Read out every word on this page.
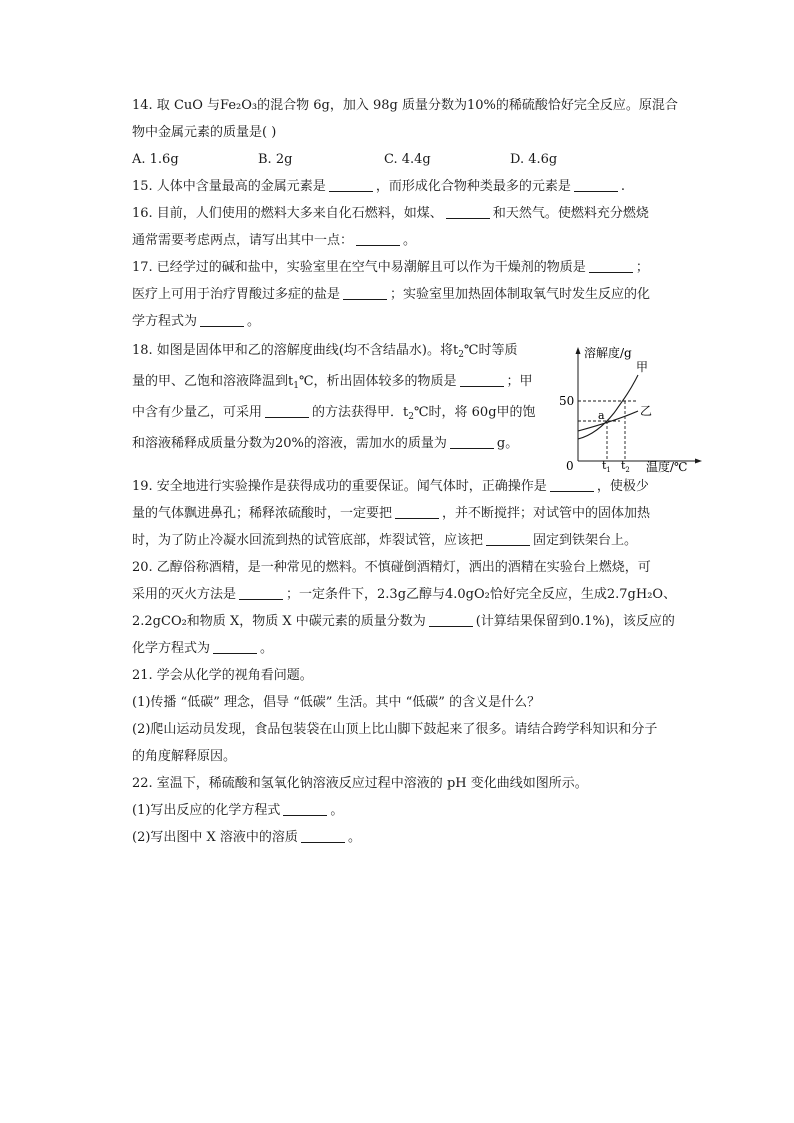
14. 取 CuO 与Fe₂O₃的混合物 6g，加入 98g 质量分数为10%的稀硫酸恰好完全反应。原混合
物中金属元素的质量是( )
A. 1.6g	B. 2g	C. 4.4g	D. 4.6g
15. 人体中含量最高的金属元素是	，而形成化合物种类最多的元素是	.
16. 目前，人们使用的燃料大多来自化石燃料，如煤、	和天然气。使燃料充分燃烧
通常需要考虑两点，请写出其中一点：	。
17. 已经学过的碱和盐中，实验室里在空气中易潮解且可以作为干燥剂的物质是	；
医疗上可用于治疗胃酸过多症的盐是	；实验室里加热固体制取氧气时发生反应的化
学方程式为	。
18. 如图是固体甲和乙的溶解度曲线(均不含结晶水)。将$t_2℃$时等质
量的甲、乙饱和溶液降温到$t_1℃$，析出固体较多的物质是	；甲
中含有少量乙，可采用	的方法获得甲．$t_2℃$时，将 60g甲的饱
和溶液稀释成质量分数为20%的溶液，需加水的质量为	g。
溶解度/g
温度/℃
0
50
甲
乙
a
$t_1$ $t_2$
19. 安全地进行实验操作是获得成功的重要保证。闻气体时，正确操作是	，使极少
量的气体飘进鼻孔；稀释浓硫酸时，一定要把	，并不断搅拌；对试管中的固体加热
时，为了防止冷凝水回流到热的试管底部，炸裂试管，应该把	固定到铁架台上。
20. 乙醇俗称酒精，是一种常见的燃料。不慎碰倒酒精灯，洒出的酒精在实验台上燃烧，可
采用的灭火方法是	；一定条件下，2.3g乙醇与4.0gO₂恰好完全反应，生成2.7gH₂O、
2.2gCO₂和物质 X，物质 X 中碳元素的质量分数为	(计算结果保留到0.1%)，该反应的
化学方程式为	。
21. 学会从化学的视角看问题。
(1)传播 “低碳” 理念，倡导 “低碳” 生活。其中 “低碳” 的含义是什么？
(2)爬山运动员发现，食品包装袋在山顶上比山脚下鼓起来了很多。请结合跨学科知识和分子
的角度解释原因。
22. 室温下，稀硫酸和氢氧化钠溶液反应过程中溶液的 pH 变化曲线如图所示。
(1)写出反应的化学方程式	。
(2)写出图中 X 溶液中的溶质	。
